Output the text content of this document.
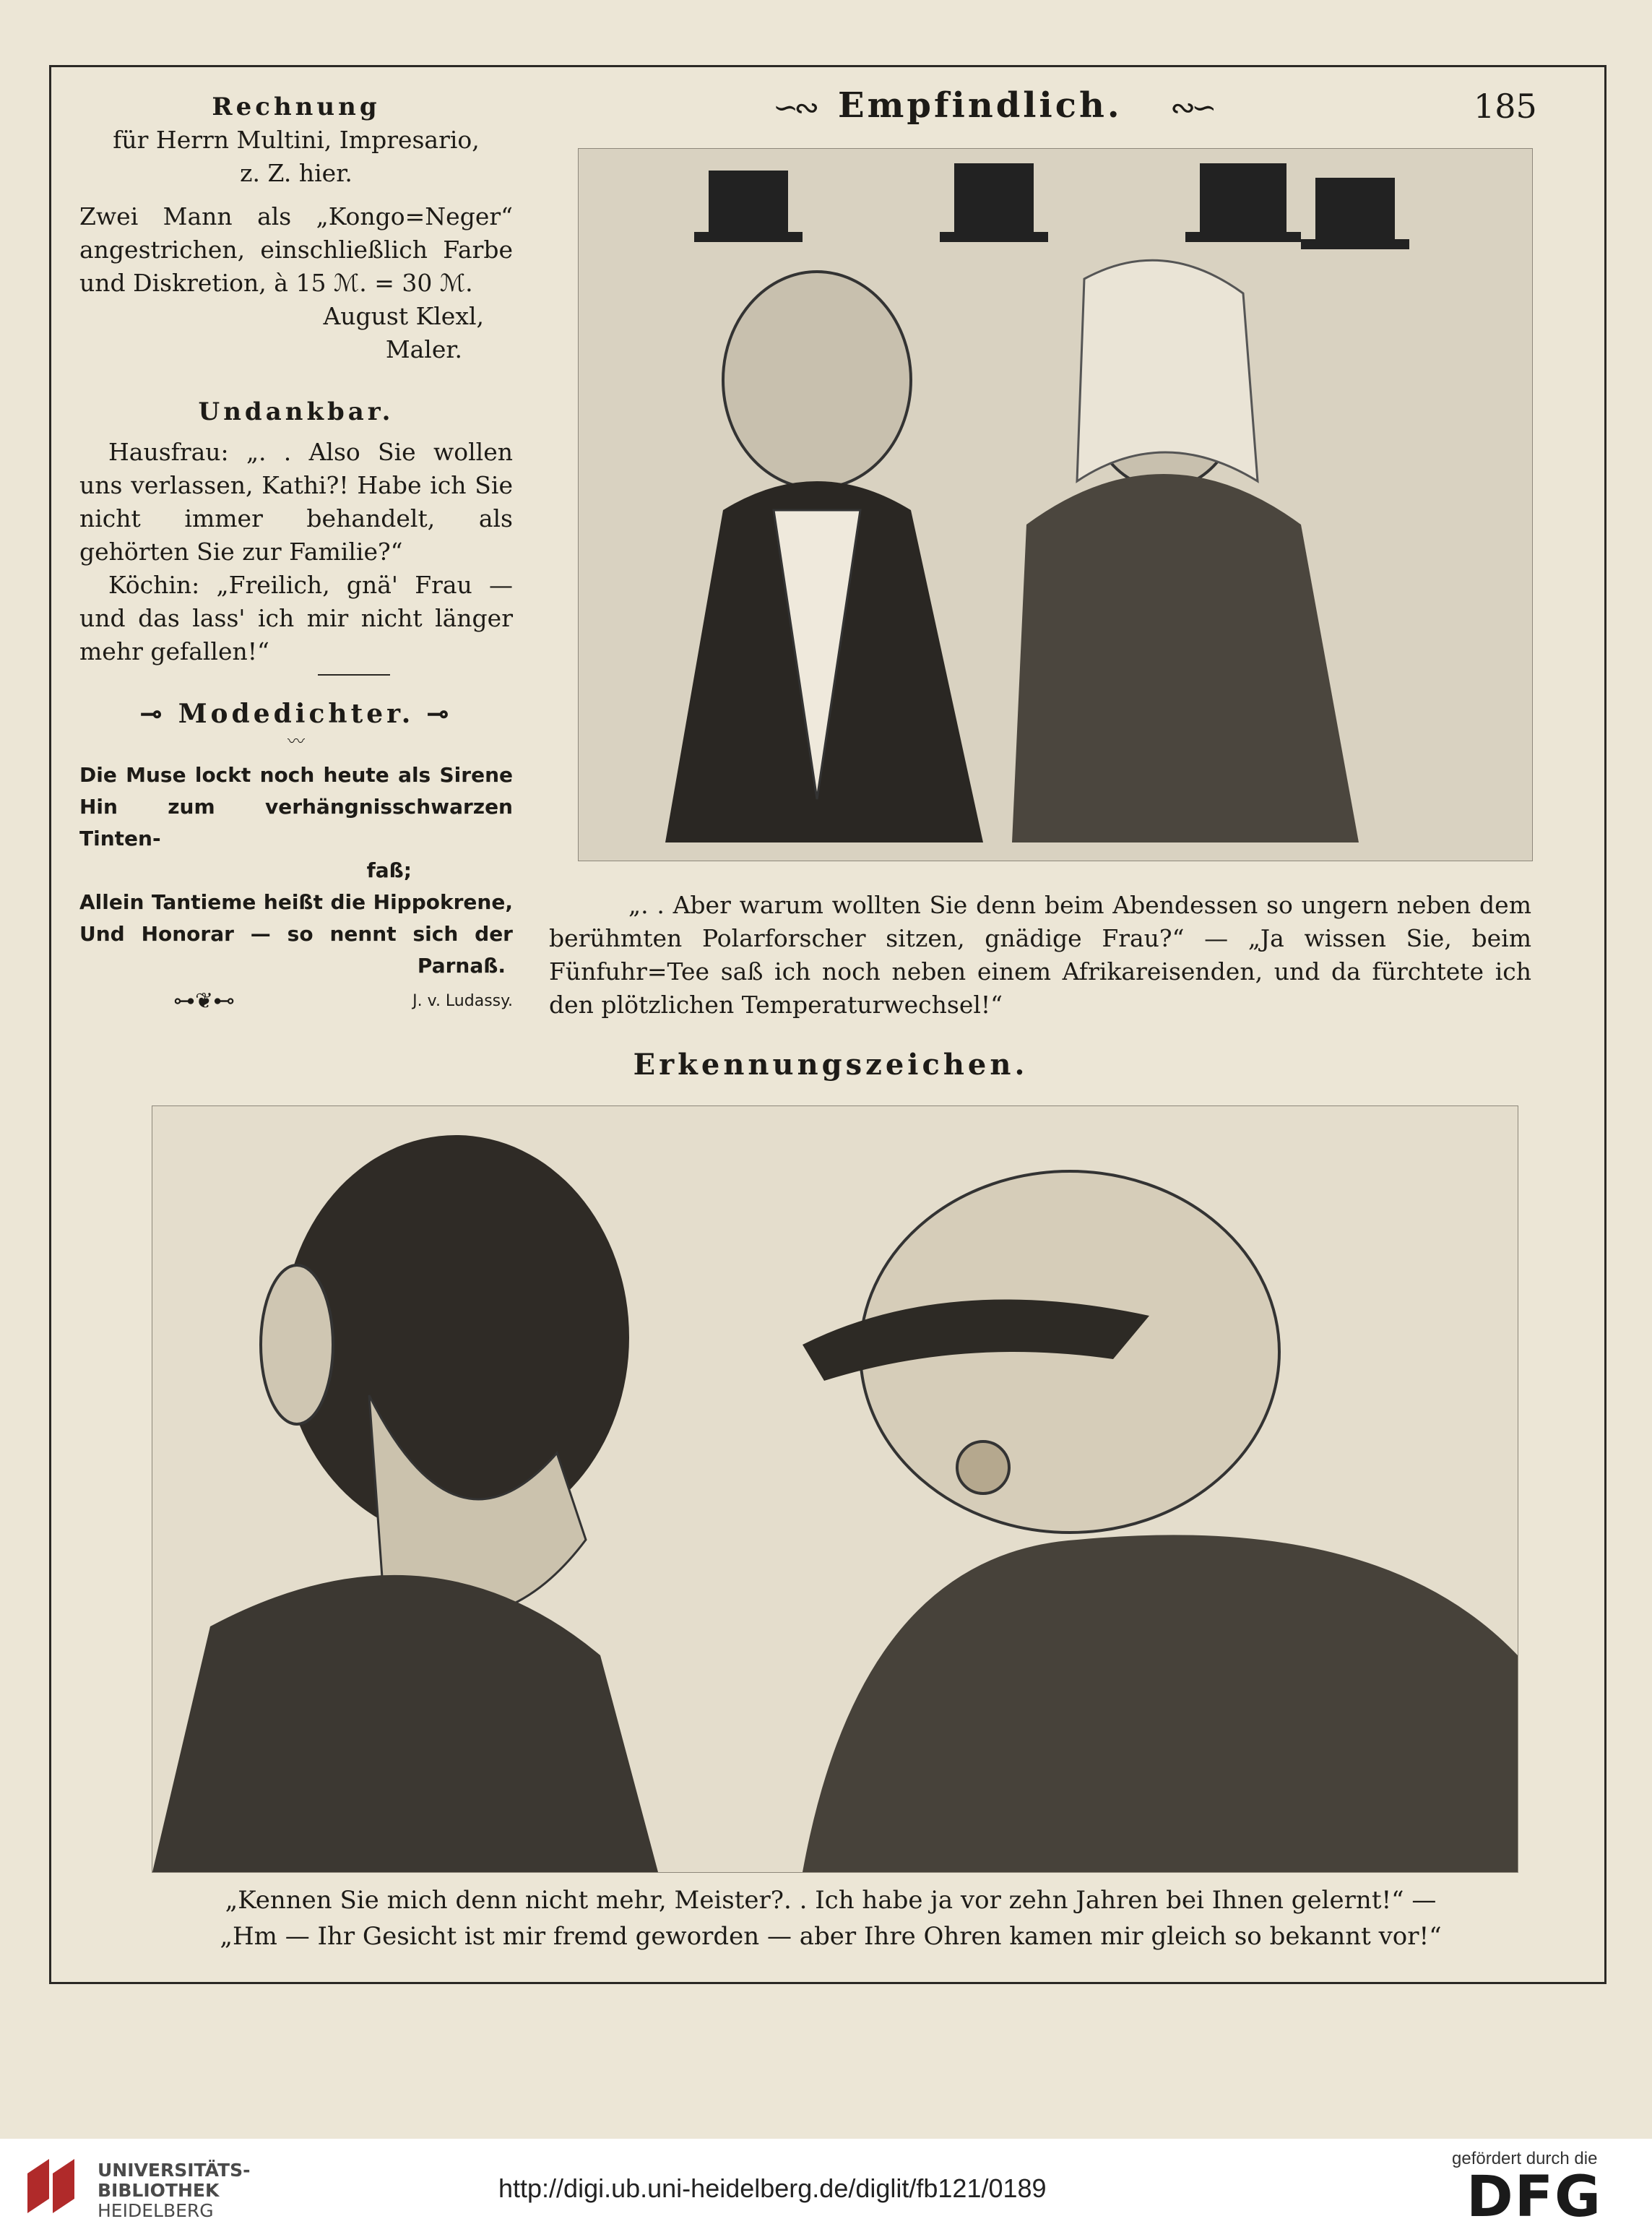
∽∾ Empfindlich. ∾∽	185
Rechnung
für Herrn Multini, Impresario,
z. Z. hier.

Zwei Mann als „Kongo=Neger“ angestrichen, einschließlich Farbe und Diskretion, à 15 ℳ. = 30 ℳ.

August Klexl,
Maler.
Undankbar.

Hausfrau: „. . Also Sie wollen uns verlassen, Kathi?! Habe ich Sie nicht immer behandelt, als gehörten Sie zur Familie?“

Köchin: „Freilich, gnä' Frau — und das lass' ich mir nicht länger mehr gefallen!“

⊸ Modedichter. ⊸
〰
Die Muse lockt noch heute als Sirene
Hin zum verhängnisschwarzen Tinten-
faß;
Allein Tantieme heißt die Hippokrene,
Und Honorar — so nennt sich der
Parnaß.
⊶❦⊷	J. v. Ludassy.
„. . Aber warum wollten Sie denn beim Abendessen so ungern neben dem berühmten Polarforscher sitzen, gnädige Frau?“ — „Ja wissen Sie, beim Fünfuhr=Tee saß ich noch neben einem Afrikareisenden, und da fürchtete ich den plötzlichen Temperaturwechsel!“
Erkennungszeichen.
„Kennen Sie mich denn nicht mehr, Meister?. . Ich habe ja vor zehn Jahren bei Ihnen gelernt!“ —
„Hm — Ihr Gesicht ist mir fremd geworden — aber Ihre Ohren kamen mir gleich so bekannt vor!“
UNIVERSITÄTS-
BIBLIOTHEK
HEIDELBERG
http://digi.ub.uni-heidelberg.de/diglit/fb121/0189
gefördert durch die
DFG
